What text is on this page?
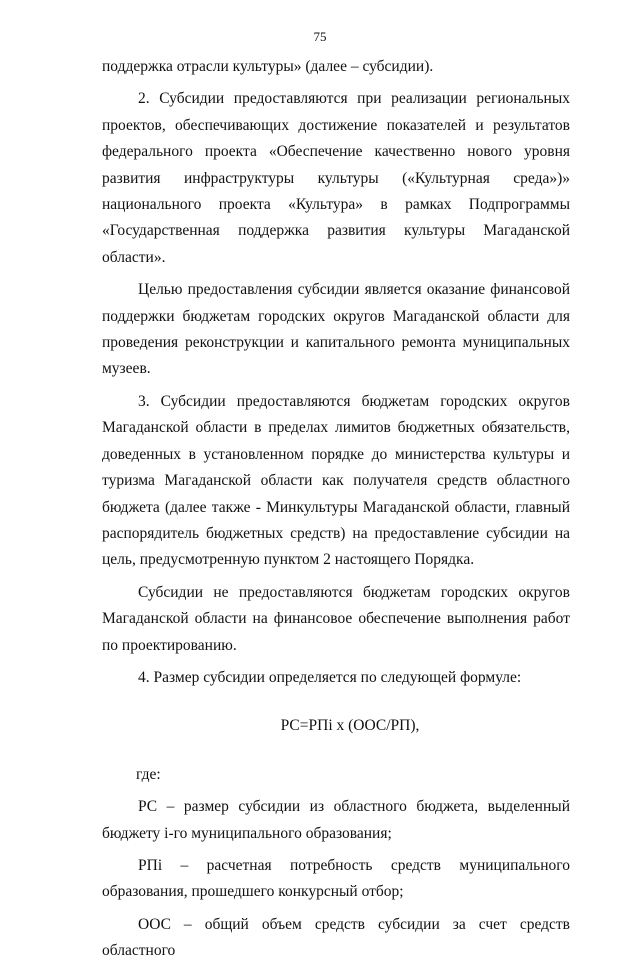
75

поддержка отрасли культуры» (далее – субсидии).

2. Субсидии предоставляются при реализации региональных проектов, обеспечивающих достижение показателей и результатов федерального проекта «Обеспечение качественно нового уровня развития инфраструктуры культуры («Культурная среда»)» национального проекта «Культура» в рамках Подпрограммы «Государственная поддержка развития культуры Магаданской области».

Целью предоставления субсидии является оказание финансовой поддержки бюджетам городских округов Магаданской области для проведения реконструкции и капитального ремонта муниципальных музеев.

3. Субсидии предоставляются бюджетам городских округов Магаданской области в пределах лимитов бюджетных обязательств, доведенных в установленном порядке до министерства культуры и туризма Магаданской области как получателя средств областного бюджета (далее также - Минкультуры Магаданской области, главный распорядитель бюджетных средств) на предоставление субсидии на цель, предусмотренную пунктом 2 настоящего Порядка.

Субсидии не предоставляются бюджетам городских округов Магаданской области на финансовое обеспечение выполнения работ по проектированию.

4. Размер субсидии определяется по следующей формуле:

РС=РПi x (ООС/РП),

где:

РС – размер субсидии из областного бюджета, выделенный бюджету i-го муниципального образования;

РПi – расчетная потребность средств муниципального образования, прошедшего конкурсный отбор;

ООС – общий объем средств субсидии за счет средств областного
